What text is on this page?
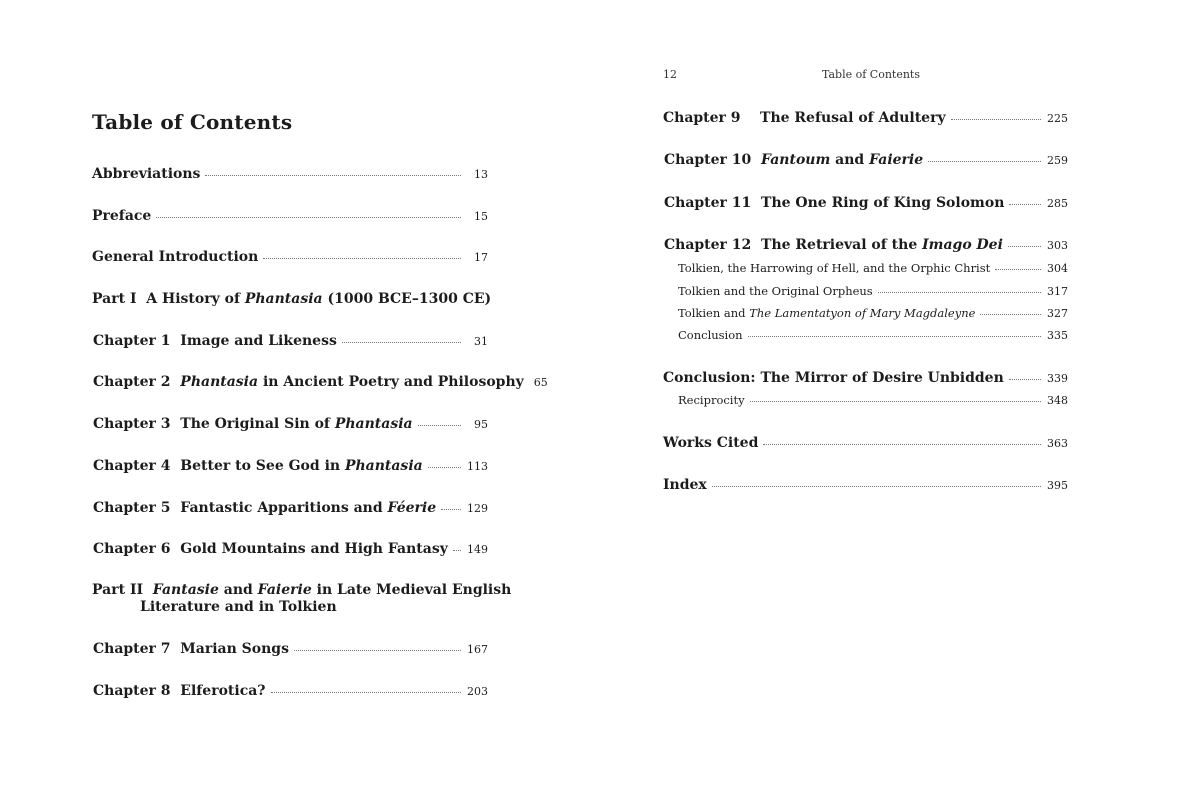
Table of Contents
Abbreviations	13
Preface	15
General Introduction	17
Part I A History of Phantasia (1000 BCE–1300 CE)
Chapter 1 Image and Likeness	31
Chapter 2 Phantasia in Ancient Poetry and Philosophy 65
Chapter 3 The Original Sin of Phantasia	95
Chapter 4 Better to See God in Phantasia	113
Chapter 5 Fantastic Apparitions and Féerie	129
Chapter 6 Gold Mountains and High Fantasy 149
Part II Fantasie and Faierie in Late Medieval English
Literature and in Tolkien
Chapter 7 Marian Songs	167
Chapter 8 Elferotica?	203
12	Table of Contents
Chapter 9 The Refusal of Adultery	225
Chapter 10 Fantoum and Faierie	259
Chapter 11 The One Ring of King Solomon	285
Chapter 12 The Retrieval of the Imago Dei	303
Tolkien, the Harrowing of Hell, and the Orphic Christ	304
Tolkien and the Original Orpheus	317
Tolkien and The Lamentatyon of Mary Magdaleyne	327
Conclusion	335
Conclusion: The Mirror of Desire Unbidden	339
Reciprocity	348
Works Cited	363
Index	395
